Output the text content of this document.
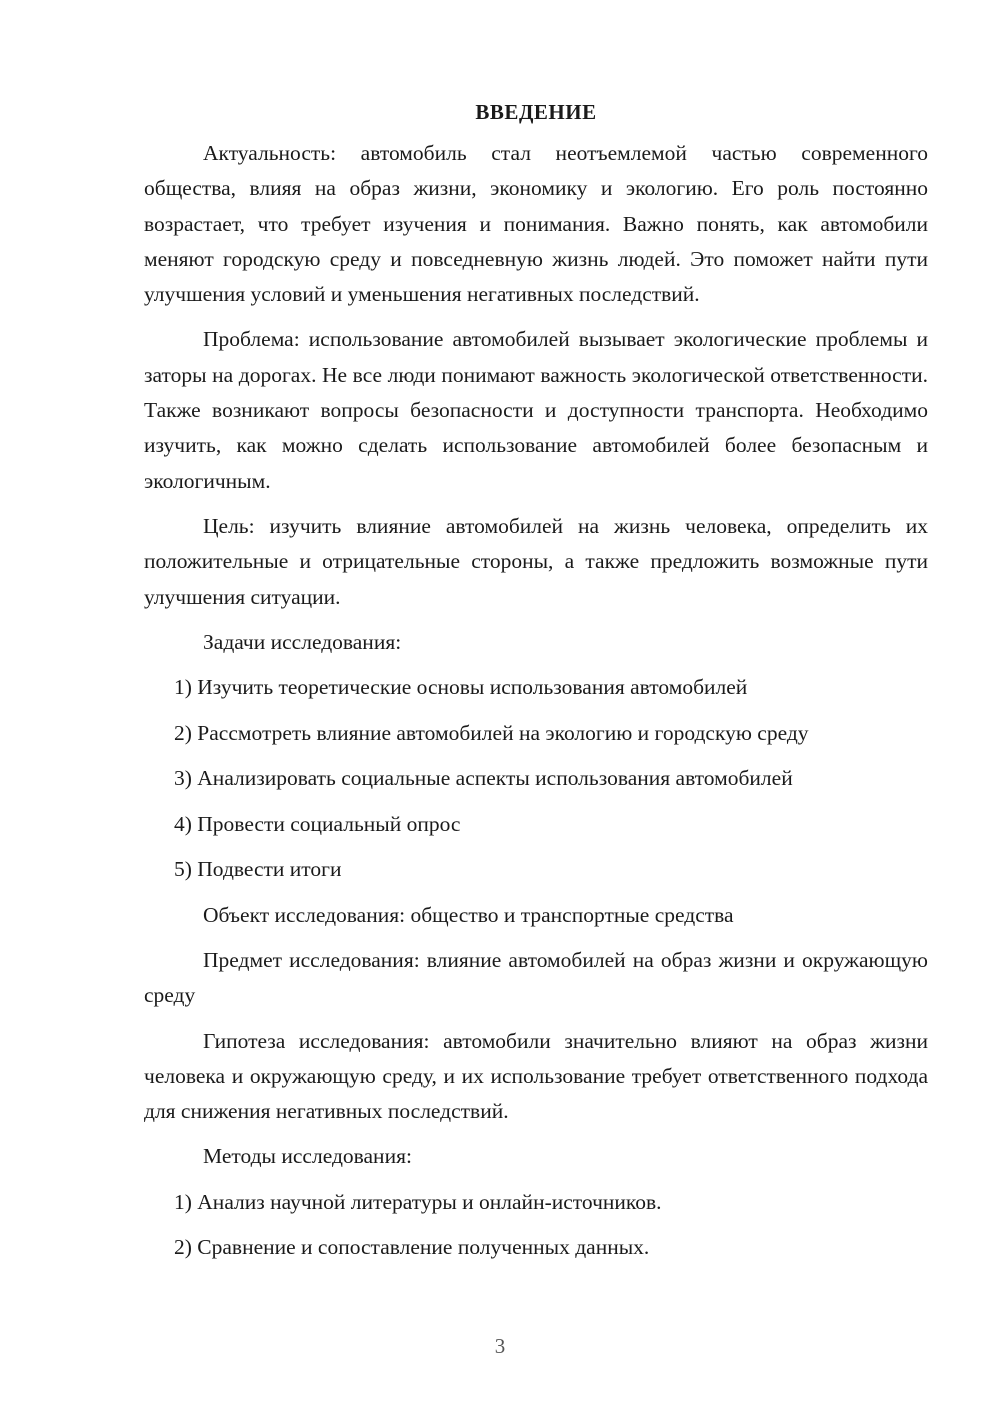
ВВЕДЕНИЕ

Актуальность: автомобиль стал неотъемлемой частью современного общества, влияя на образ жизни, экономику и экологию. Его роль постоянно возрастает, что требует изучения и понимания. Важно понять, как автомобили меняют городскую среду и повседневную жизнь людей. Это поможет найти пути улучшения условий и уменьшения негативных последствий.

Проблема: использование автомобилей вызывает экологические проблемы и заторы на дорогах. Не все люди понимают важность экологической ответственности. Также возникают вопросы безопасности и доступности транспорта. Необходимо изучить, как можно сделать использование автомобилей более безопасным и экологичным.

Цель: изучить влияние автомобилей на жизнь человека, определить их положительные и отрицательные стороны, а также предложить возможные пути улучшения ситуации.

Задачи исследования:

1) Изучить теоретические основы использования автомобилей
2) Рассмотреть влияние автомобилей на экологию и городскую среду
3) Анализировать социальные аспекты использования автомобилей
4) Провести социальный опрос
5) Подвести итоги

Объект исследования: общество и транспортные средства

Предмет исследования: влияние автомобилей на образ жизни и окружающую среду

Гипотеза исследования: автомобили значительно влияют на образ жизни человека и окружающую среду, и их использование требует ответственного подхода для снижения негативных последствий.

Методы исследования:

1) Анализ научной литературы и онлайн-источников.
2) Сравнение и сопоставление полученных данных.
3
